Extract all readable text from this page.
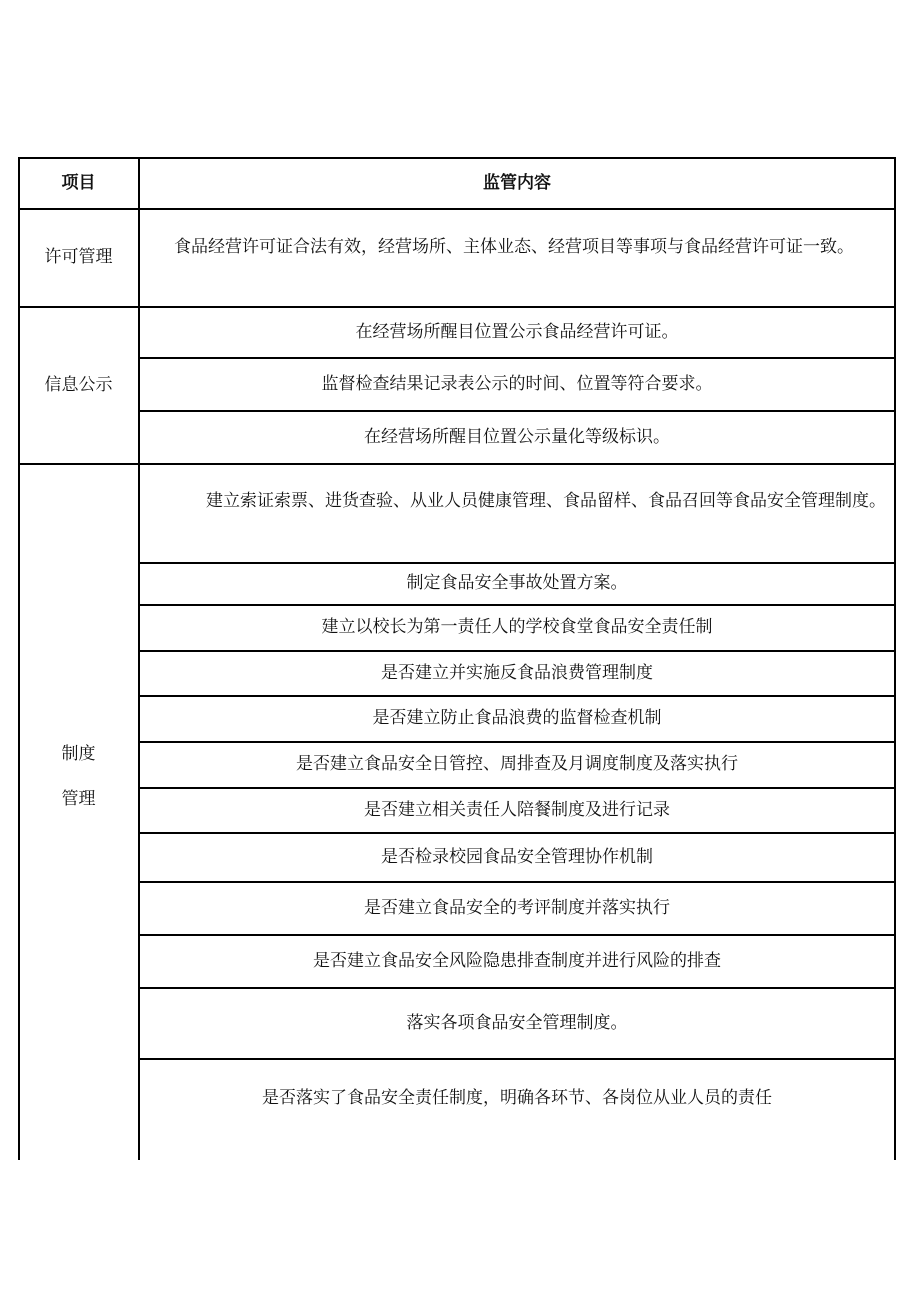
项目	监管内容
许可管理	食品经营许可证合法有效，经营场所、主体业态、经营项目等事项与食品经营许可证一致。
信息公示
在经营场所醒目位置公示食品经营许可证。
监督检查结果记录表公示的时间、位置等符合要求。
在经营场所醒目位置公示量化等级标识。
制度
管理
建立索证索票、进货查验、从业人员健康管理、食品留样、食品召回等食品安全管理制度。
制定食品安全事故处置方案。
建立以校长为第一责任人的学校食堂食品安全责任制
是否建立并实施反食品浪费管理制度
是否建立防止食品浪费的监督检查机制
是否建立食品安全日管控、周排查及月调度制度及落实执行
是否建立相关责任人陪餐制度及进行记录
是否检录校园食品安全管理协作机制
是否建立食品安全的考评制度并落实执行
是否建立食品安全风险隐患排查制度并进行风险的排查
落实各项食品安全管理制度。
是否落实了食品安全责任制度，明确各环节、各岗位从业人员的责任
